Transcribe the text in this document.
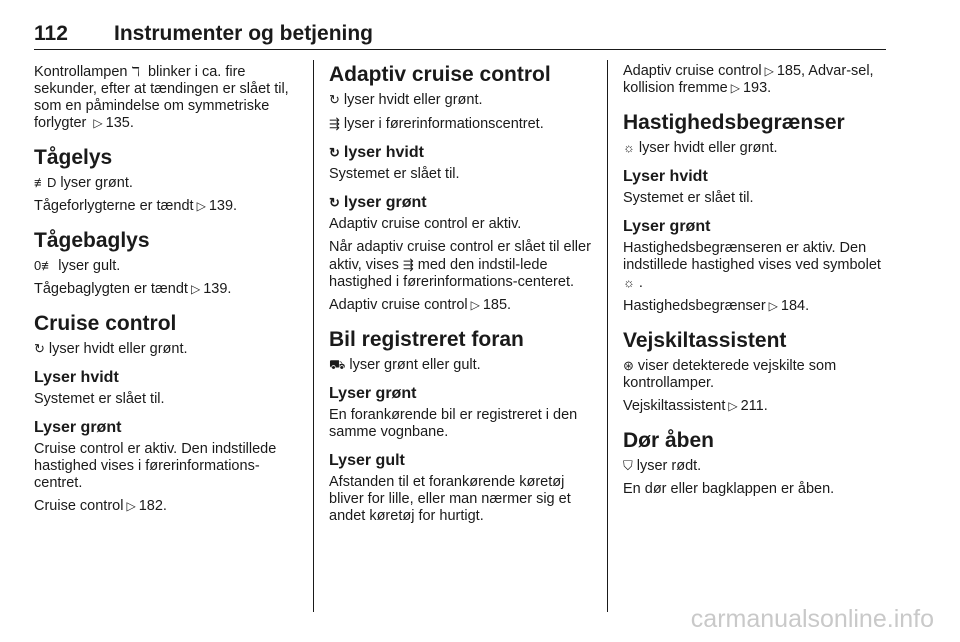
112 Instrumenter og betjening

Kontrollampen ℸ blinker i ca. fire sekunder, efter at tændingen er slået til, som en påmindelse om symmetriske forlygter ▷ 135.

Tågelys

≢D lyser grønt.

Tågeforlygterne er tændt ▷ 139.

Tågebaglys

0≢ lyser gult.

Tågebaglygten er tændt ▷ 139.

Cruise control

↻ lyser hvidt eller grønt.

Lyser hvidt

Systemet er slået til.

Lyser grønt

Cruise control er aktiv. Den indstillede hastighed vises i førerinformations-centret.

Cruise control ▷ 182.

Adaptiv cruise control

↻ lyser hvidt eller grønt.

⇶ lyser i førerinformationscentret.

↻ lyser hvidt

Systemet er slået til.

↻ lyser grønt

Adaptiv cruise control er aktiv.

Når adaptiv cruise control er slået til eller aktiv, vises ⇶ med den indstil-lede hastighed i førerinformations-centeret.

Adaptiv cruise control ▷ 185.

Bil registreret foran

⛟ lyser grønt eller gult.

Lyser grønt

En forankørende bil er registreret i den samme vognbane.

Lyser gult

Afstanden til et forankørende køretøj bliver for lille, eller man nærmer sig et andet køretøj for hurtigt.

Adaptiv cruise control ▷ 185, Advar-sel, kollision fremme ▷ 193.

Hastighedsbegrænser

☼ lyser hvidt eller grønt.

Lyser hvidt

Systemet er slået til.

Lyser grønt

Hastighedsbegrænseren er aktiv. Den indstillede hastighed vises ved symbolet ☼ .

Hastighedsbegrænser ▷ 184.

Vejskiltassistent

⊛ viser detekterede vejskilte som kontrollamper.

Vejskiltassistent ▷ 211.

Dør åben

⛉ lyser rødt.

En dør eller bagklappen er åben.

carmanualsonline.info
